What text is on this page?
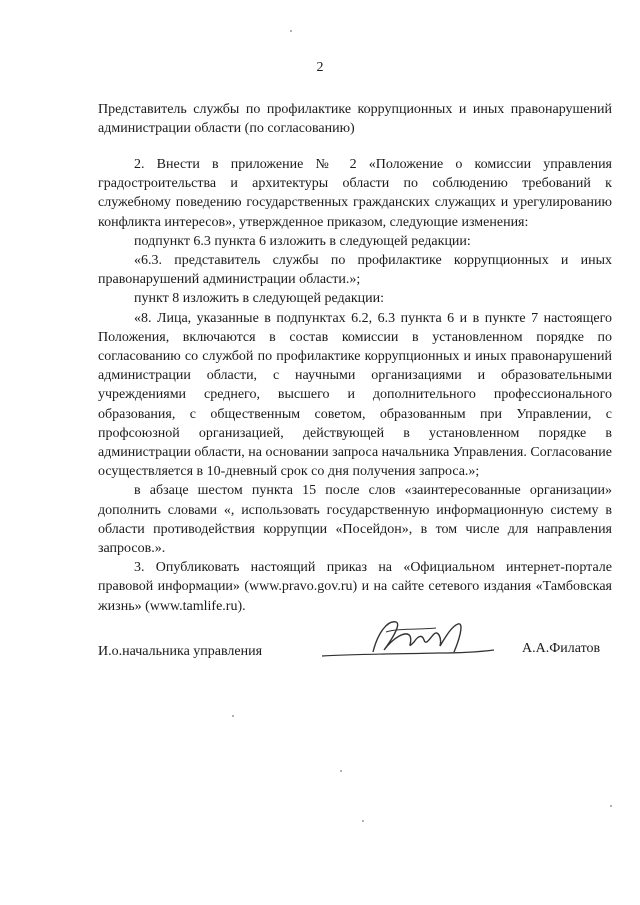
2

Представитель службы по профилактике коррупционных и иных правонарушений администрации области (по согласованию)

2. Внести в приложение № 2 «Положение о комиссии управления градостроительства и архитектуры области по соблюдению требований к служебному поведению государственных гражданских служащих и урегулированию конфликта интересов», утвержденное приказом, следующие изменения:

подпункт 6.3 пункта 6 изложить в следующей редакции:

«6.3. представитель службы по профилактике коррупционных и иных правонарушений администрации области.»;

пункт 8 изложить в следующей редакции:

«8. Лица, указанные в подпунктах 6.2, 6.3 пункта 6 и в пункте 7 настоящего Положения, включаются в состав комиссии в установленном порядке по согласованию со службой по профилактике коррупционных и иных правонарушений администрации области, с научными организациями и образовательными учреждениями среднего, высшего и дополнительного профессионального образования, с общественным советом, образованным при Управлении, с профсоюзной организацией, действующей в установленном порядке в администрации области, на основании запроса начальника Управления. Согласование осуществляется в 10-дневный срок со дня получения запроса.»;

в абзаце шестом пункта 15 после слов «заинтересованные организации» дополнить словами «, использовать государственную информационную систему в области противодействия коррупции «Посейдон», в том числе для направления запросов.».

3. Опубликовать настоящий приказ на «Официальном интернет-портале правовой информации» (www.pravo.gov.ru) и на сайте сетевого издания «Тамбовская жизнь» (www.tamlife.ru).

И.о.начальника управления	А.А.Филатов
